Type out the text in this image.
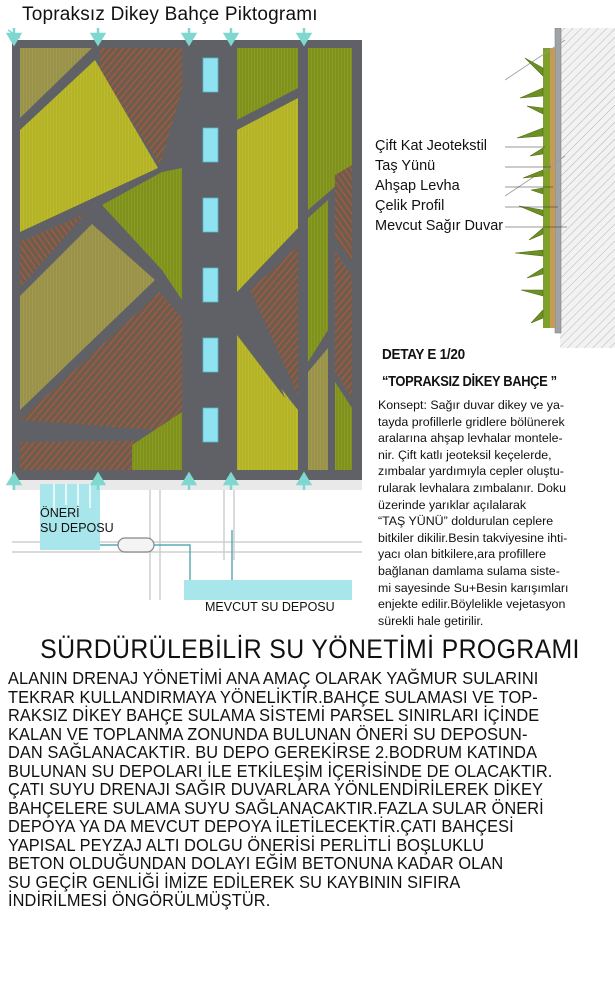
Topraksız Dikey Bahçe Piktogramı
ÖNERİ
SU DEPOSU
MEVCUT SU DEPOSU
Çift Kat Jeotekstil
Taş Yünü
Ahşap Levha
Çelik Profil
Mevcut Sağır Duvar
DETAY E 1/20
“TOPRAKSIZ DİKEY BAHÇE ”
Konsept: Sağır duvar dikey ve ya-
tayda profillerle gridlere bölünerek
aralarına ahşap levhalar montele-
nir. Çift katlı jeoteksil keçelerde,
zımbalar yardımıyla cepler oluştu-
rularak levhalara zımbalanır. Doku
üzerinde yarıklar açılalarak
“TAŞ YÜNÜ” doldurulan ceplere
bitkiler dikilir.Besin takviyesine ihti-
yacı olan bitkilere,ara profillere
bağlanan damlama sulama siste-
mi sayesinde Su+Besin karışımları
enjekte edilir.Böylelikle vejetasyon
sürekli hale getirilir.
SÜRDÜRÜLEBİLİR SU YÖNETİMİ PROGRAMI
ALANIN DRENAJ YÖNETİMİ ANA AMAÇ OLARAK YAĞMUR SULARINI
TEKRAR KULLANDIRMAYA YÖNELİKTİR.BAHÇE SULAMASI VE TOP-
RAKSIZ DİKEY BAHÇE SULAMA SİSTEMİ PARSEL SINIRLARI İÇİNDE
KALAN VE TOPLANMA ZONUNDA BULUNAN ÖNERİ SU DEPOSUN-
DAN SAĞLANACAKTIR. BU DEPO GEREKİRSE 2.BODRUM KATINDA
BULUNAN SU DEPOLARI İLE ETKİLEŞİM İÇERİSİNDE DE OLACAKTIR.
ÇATI SUYU DRENAJI SAĞIR DUVARLARA YÖNLENDİRİLEREK DİKEY
BAHÇELERE SULAMA SUYU SAĞLANACAKTIR.FAZLA SULAR ÖNERİ
DEPOYA YA DA MEVCUT DEPOYA İLETİLECEKTİR.ÇATI BAHÇESİ
YAPISAL PEYZAJ ALTI DOLGU ÖNERİSİ PERLİTLİ BOŞLUKLU
BETON OLDUĞUNDAN DOLAYI EĞİM BETONUNA KADAR OLAN
SU GEÇİR GENLİĞİ İMİZE EDİLEREK SU KAYBININ SIFIRA
İNDİRİLMESİ ÖNGÖRÜLMÜŞTÜR.
